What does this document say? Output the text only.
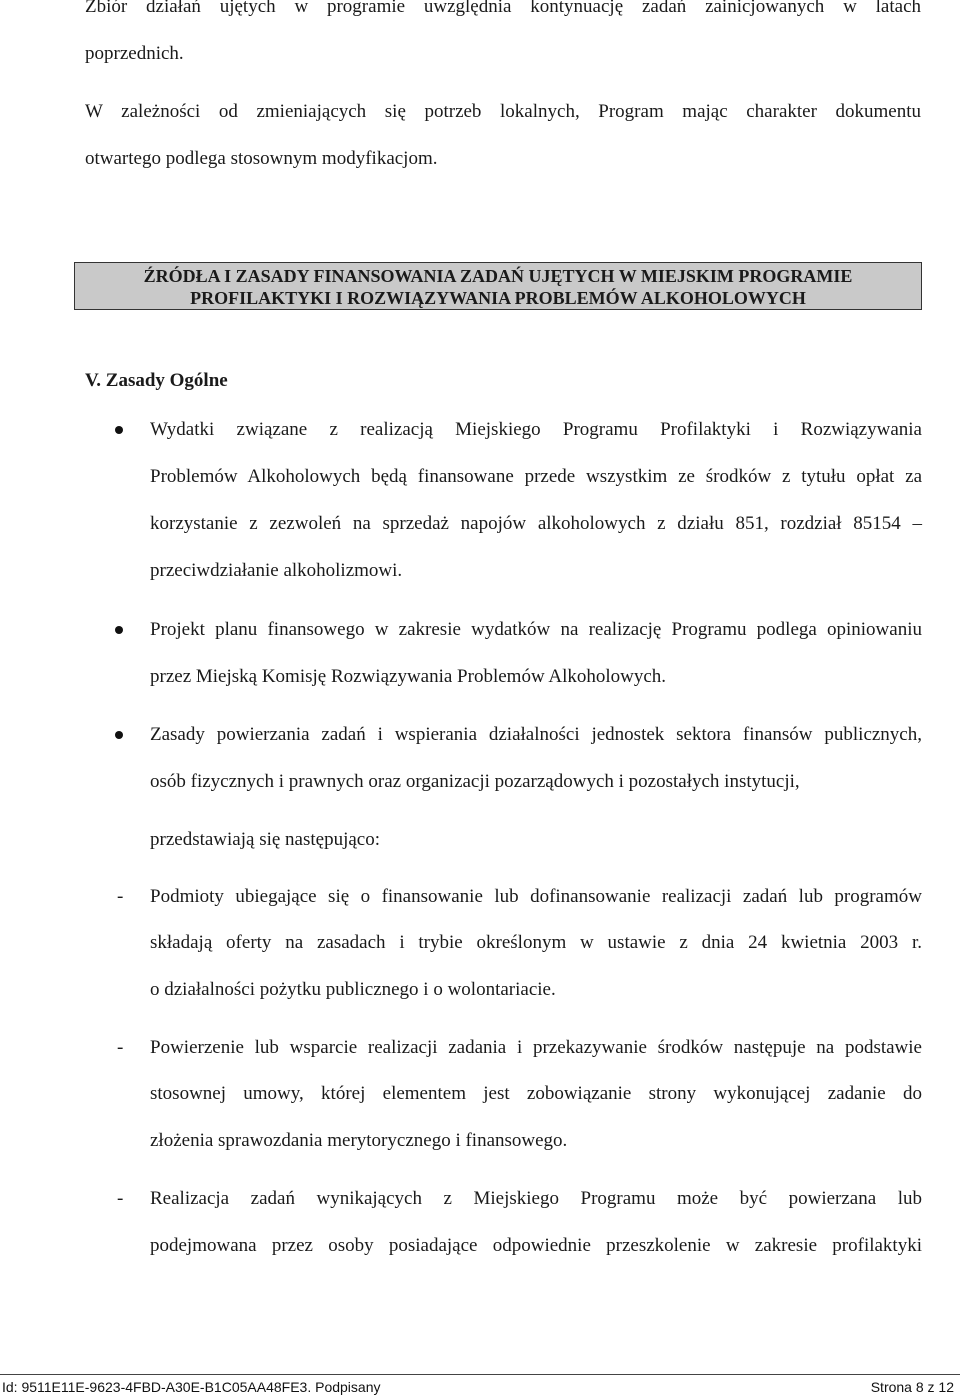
Zbiór działań ujętych w programie uwzględnia kontynuację zadań zainicjowanych w latach
poprzednich.
W zależności od zmieniających się potrzeb lokalnych, Program mając charakter dokumentu
otwartego podlega stosownym modyfikacjom.
ŹRÓDŁA I ZASADY FINANSOWANIA ZADAŃ UJĘTYCH W MIEJSKIM PROGRAMIE
PROFILAKTYKI I ROZWIĄZYWANIA PROBLEMÓW ALKOHOLOWYCH
V. Zasady Ogólne
Wydatki związane z realizacją Miejskiego Programu Profilaktyki i Rozwiązywania
Problemów Alkoholowych będą finansowane przede wszystkim ze środków z tytułu opłat za
korzystanie z zezwoleń na sprzedaż napojów alkoholowych z działu 851, rozdział 85154 –
przeciwdziałanie alkoholizmowi.
Projekt planu finansowego w zakresie wydatków na realizację Programu podlega opiniowaniu
przez Miejską Komisję Rozwiązywania Problemów Alkoholowych.
Zasady powierzania zadań i wspierania działalności jednostek sektora finansów publicznych,
osób fizycznych i prawnych oraz organizacji pozarządowych i pozostałych instytucji,
przedstawiają się następująco:
- Podmioty ubiegające się o finansowanie lub dofinansowanie realizacji zadań lub programów
składają oferty na zasadach i trybie określonym w ustawie z dnia 24 kwietnia 2003 r.
o działalności pożytku publicznego i o wolontariacie.
- Powierzenie lub wsparcie realizacji zadania i przekazywanie środków następuje na podstawie
stosownej umowy, której elementem jest zobowiązanie strony wykonującej zadanie do
złożenia sprawozdania merytorycznego i finansowego.
- Realizacja zadań wynikających z Miejskiego Programu może być powierzana lub
podejmowana przez osoby posiadające odpowiednie przeszkolenie w zakresie profilaktyki
Id: 9511E11E-9623-4FBD-A30E-B1C05AA48FE3. Podpisany	Strona 8 z 12
